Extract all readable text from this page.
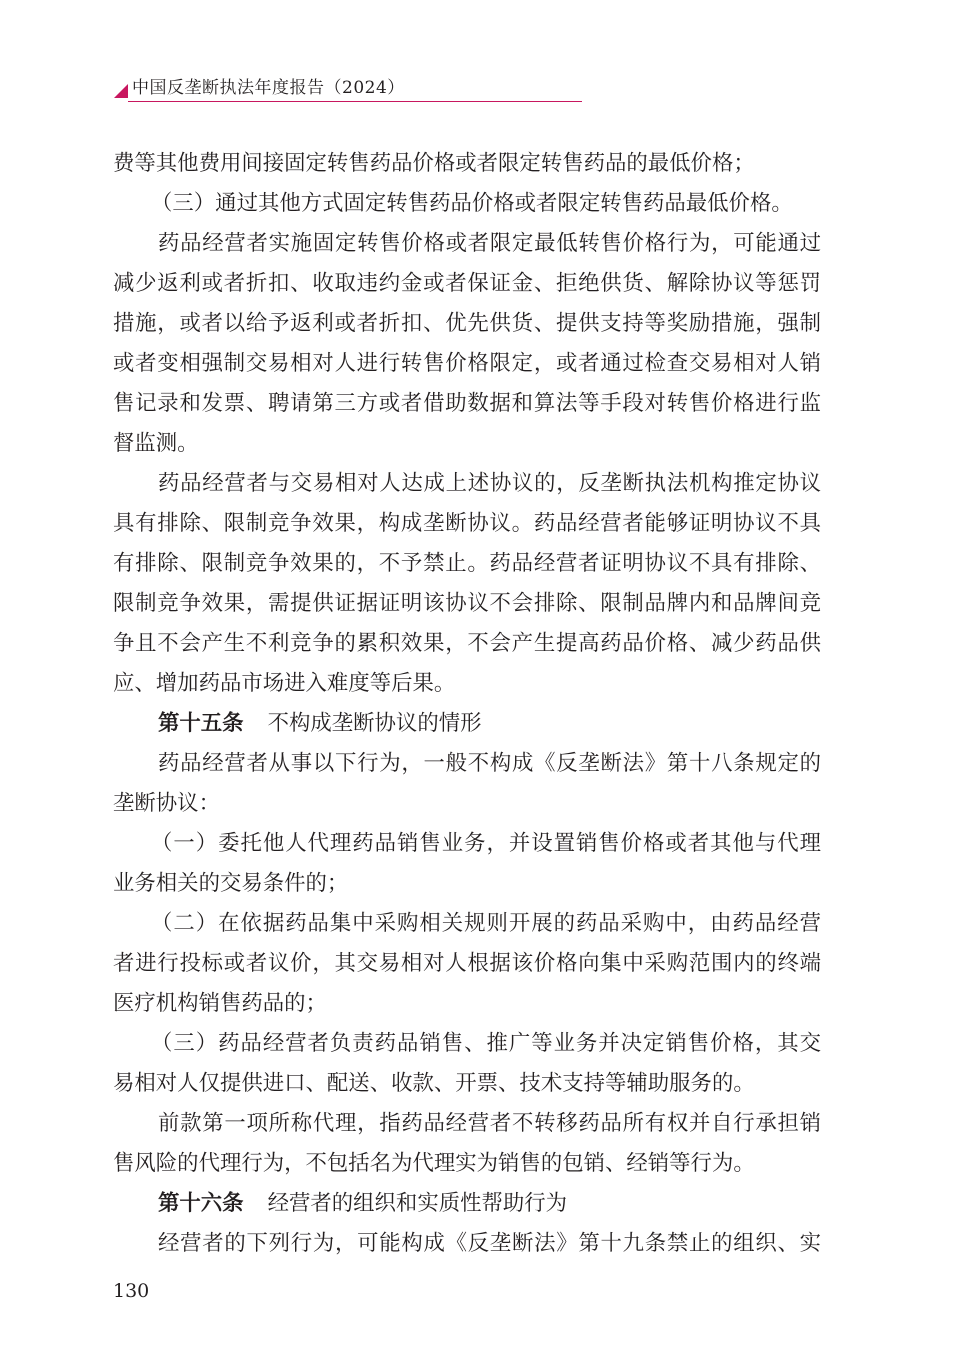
中国反垄断执法年度报告（2024）

费等其他费用间接固定转售药品价格或者限定转售药品的最低价格；

（三）通过其他方式固定转售药品价格或者限定转售药品最低价格。

药品经营者实施固定转售价格或者限定最低转售价格行为，可能通过

减少返利或者折扣、收取违约金或者保证金、拒绝供货、解除协议等惩罚

措施，或者以给予返利或者折扣、优先供货、提供支持等奖励措施，强制

或者变相强制交易相对人进行转售价格限定，或者通过检查交易相对人销

售记录和发票、聘请第三方或者借助数据和算法等手段对转售价格进行监

督监测。

药品经营者与交易相对人达成上述协议的，反垄断执法机构推定协议

具有排除、限制竞争效果，构成垄断协议。药品经营者能够证明协议不具

有排除、限制竞争效果的，不予禁止。药品经营者证明协议不具有排除、

限制竞争效果，需提供证据证明该协议不会排除、限制品牌内和品牌间竞

争且不会产生不利竞争的累积效果，不会产生提高药品价格、减少药品供

应、增加药品市场进入难度等后果。

第十五条 不构成垄断协议的情形

药品经营者从事以下行为，一般不构成《反垄断法》第十八条规定的

垄断协议：

（一）委托他人代理药品销售业务，并设置销售价格或者其他与代理

业务相关的交易条件的；

（二）在依据药品集中采购相关规则开展的药品采购中，由药品经营

者进行投标或者议价，其交易相对人根据该价格向集中采购范围内的终端

医疗机构销售药品的；

（三）药品经营者负责药品销售、推广等业务并决定销售价格，其交

易相对人仅提供进口、配送、收款、开票、技术支持等辅助服务的。

前款第一项所称代理，指药品经营者不转移药品所有权并自行承担销

售风险的代理行为，不包括名为代理实为销售的包销、经销等行为。

第十六条 经营者的组织和实质性帮助行为

经营者的下列行为，可能构成《反垄断法》第十九条禁止的组织、实

130
